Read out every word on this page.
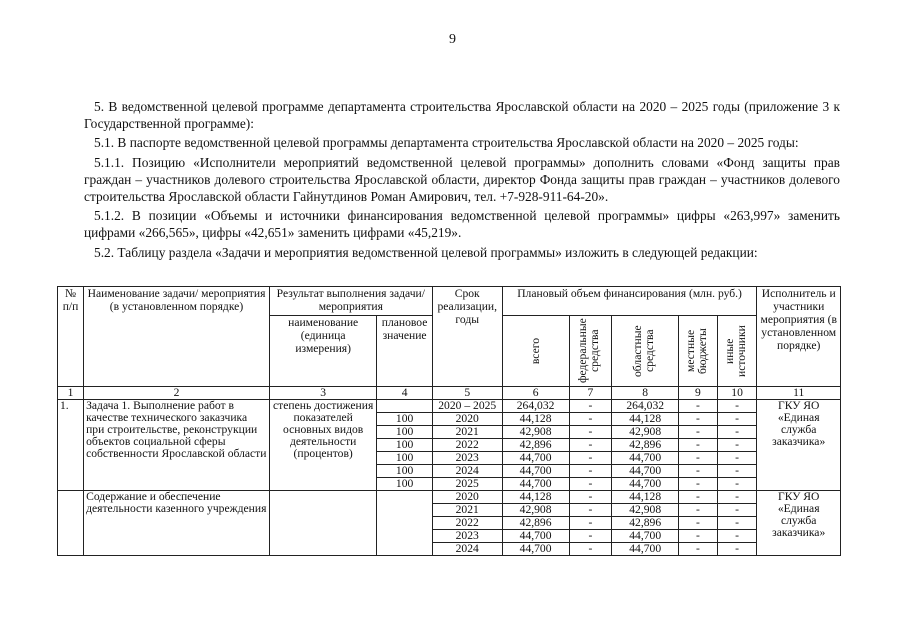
9

5. В ведомственной целевой программе департамента строительства Ярославской области на 2020 – 2025 годы (приложение 3 к Государственной программе):

5.1. В паспорте ведомственной целевой программы департамента строительства Ярославской области на 2020 – 2025 годы:

5.1.1. Позицию «Исполнители мероприятий ведомственной целевой программы» дополнить словами «Фонд защиты прав граждан – участников долевого строительства Ярославской области, директор Фонда защиты прав граждан – участников долевого строительства Ярославской области Гайнутдинов Роман Амирович, тел. +7-928-911-64-20».

5.1.2. В позиции «Объемы и источники финансирования ведомственной целевой программы» цифры «263,997» заменить цифрами «266,565», цифры «42,651» заменить цифрами «45,219».

5.2. Таблицу раздела «Задачи и мероприятия ведомственной целевой программы» изложить в следующей редакции:

№ п/п	Наименование задачи/ мероприятия (в установленном порядке)	Результат выполнения задачи/ мероприятия		Срок реализации, годы	Плановый объем финансирования (млн. руб.)					Исполнитель и участники мероприятия (в установленном порядке)
		наименование (единица измерения)	плановое значение		всего	федеральные средства	областные средства	местные бюджеты	иные источники	

1	2	3	4	5	6	7	8	9	10	11
1.	Задача 1. Выполнение работ в качестве технического заказчика при строительстве, реконструкции объектов социальной сферы собственности Ярославской области	степень достижения показателей основных видов деятельности (процентов)		2020 – 2025	264,032	-	264,032	-	-	ГКУ ЯО «Единая служба заказчика»
			100	2020	44,128	-	44,128	-	-	
			100	2021	42,908	-	42,908	-	-	
			100	2022	42,896	-	42,896	-	-	
			100	2023	44,700	-	44,700	-	-	
			100	2024	44,700	-	44,700	-	-	
			100	2025	44,700	-	44,700	-	-	
	Содержание и обеспечение деятельности казенного учреждения			2020	44,128	-	44,128	-	-	ГКУ ЯО «Единая служба заказчика»
				2021	42,908	-	42,908	-	-	
				2022	42,896	-	42,896	-	-	
				2023	44,700	-	44,700	-	-	
				2024	44,700	-	44,700	-	-	
